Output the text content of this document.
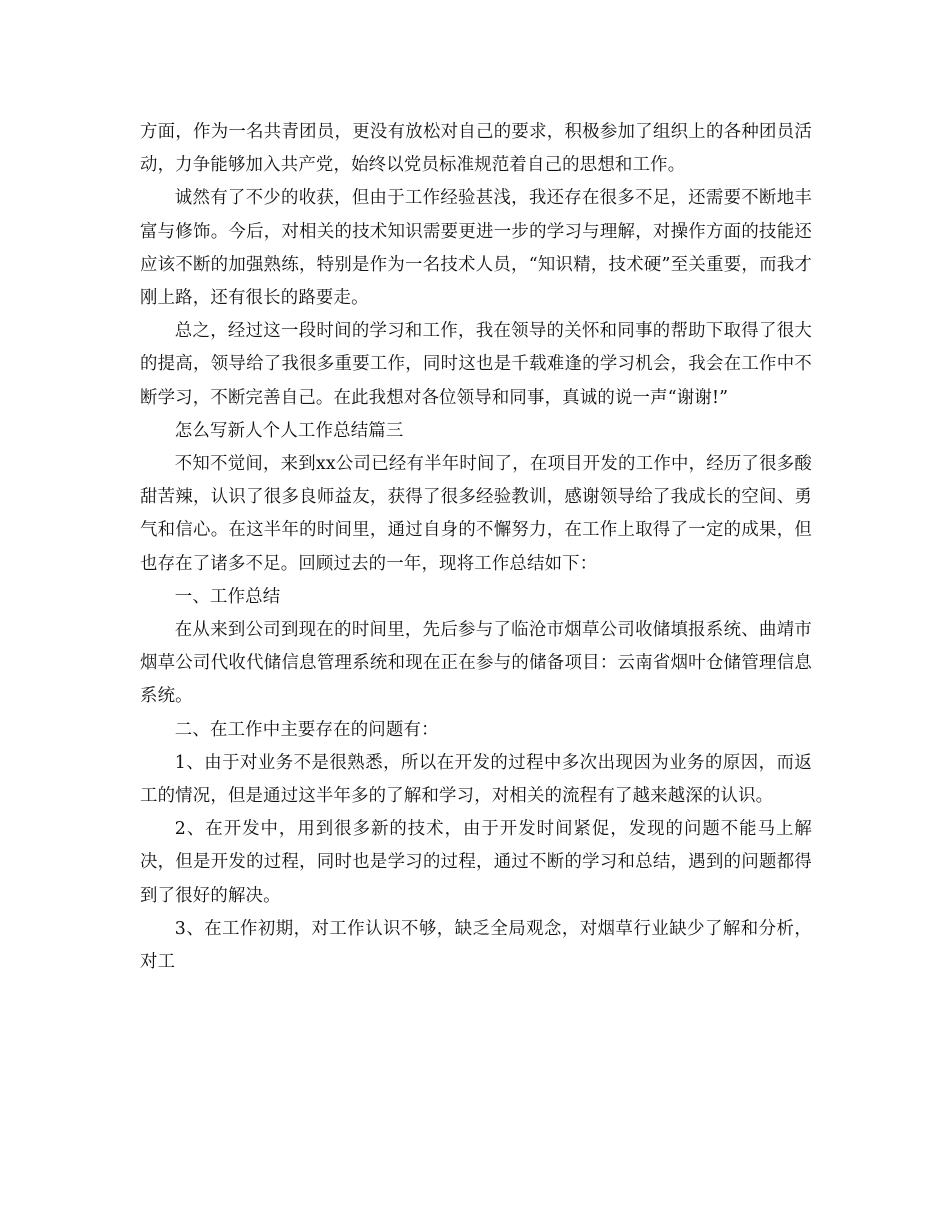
方面，作为一名共青团员，更没有放松对自己的要求，积极参加了组织上的各种团员活动，力争能够加入共产党，始终以党员标准规范着自己的思想和工作。

诚然有了不少的收获，但由于工作经验甚浅，我还存在很多不足，还需要不断地丰富与修饰。今后，对相关的技术知识需要更进一步的学习与理解，对操作方面的技能还应该不断的加强熟练，特别是作为一名技术人员，“知识精，技术硬”至关重要，而我才刚上路，还有很长的路要走。

总之，经过这一段时间的学习和工作，我在领导的关怀和同事的帮助下取得了很大的提高，领导给了我很多重要工作，同时这也是千载难逢的学习机会，我会在工作中不断学习，不断完善自己。在此我想对各位领导和同事，真诚的说一声“谢谢!”

怎么写新人个人工作总结篇三

不知不觉间，来到xx公司已经有半年时间了，在项目开发的工作中，经历了很多酸甜苦辣，认识了很多良师益友，获得了很多经验教训，感谢领导给了我成长的空间、勇气和信心。在这半年的时间里，通过自身的不懈努力，在工作上取得了一定的成果，但也存在了诸多不足。回顾过去的一年，现将工作总结如下：

一、工作总结

在从来到公司到现在的时间里，先后参与了临沧市烟草公司收储填报系统、曲靖市烟草公司代收代储信息管理系统和现在正在参与的储备项目：云南省烟叶仓储管理信息系统。

二、在工作中主要存在的问题有：

1、由于对业务不是很熟悉，所以在开发的过程中多次出现因为业务的原因，而返工的情况，但是通过这半年多的了解和学习，对相关的流程有了越来越深的认识。

2、在开发中，用到很多新的技术，由于开发时间紧促，发现的问题不能马上解决，但是开发的过程，同时也是学习的过程，通过不断的学习和总结，遇到的问题都得到了很好的解决。

3、在工作初期，对工作认识不够，缺乏全局观念，对烟草行业缺少了解和分析，对工
